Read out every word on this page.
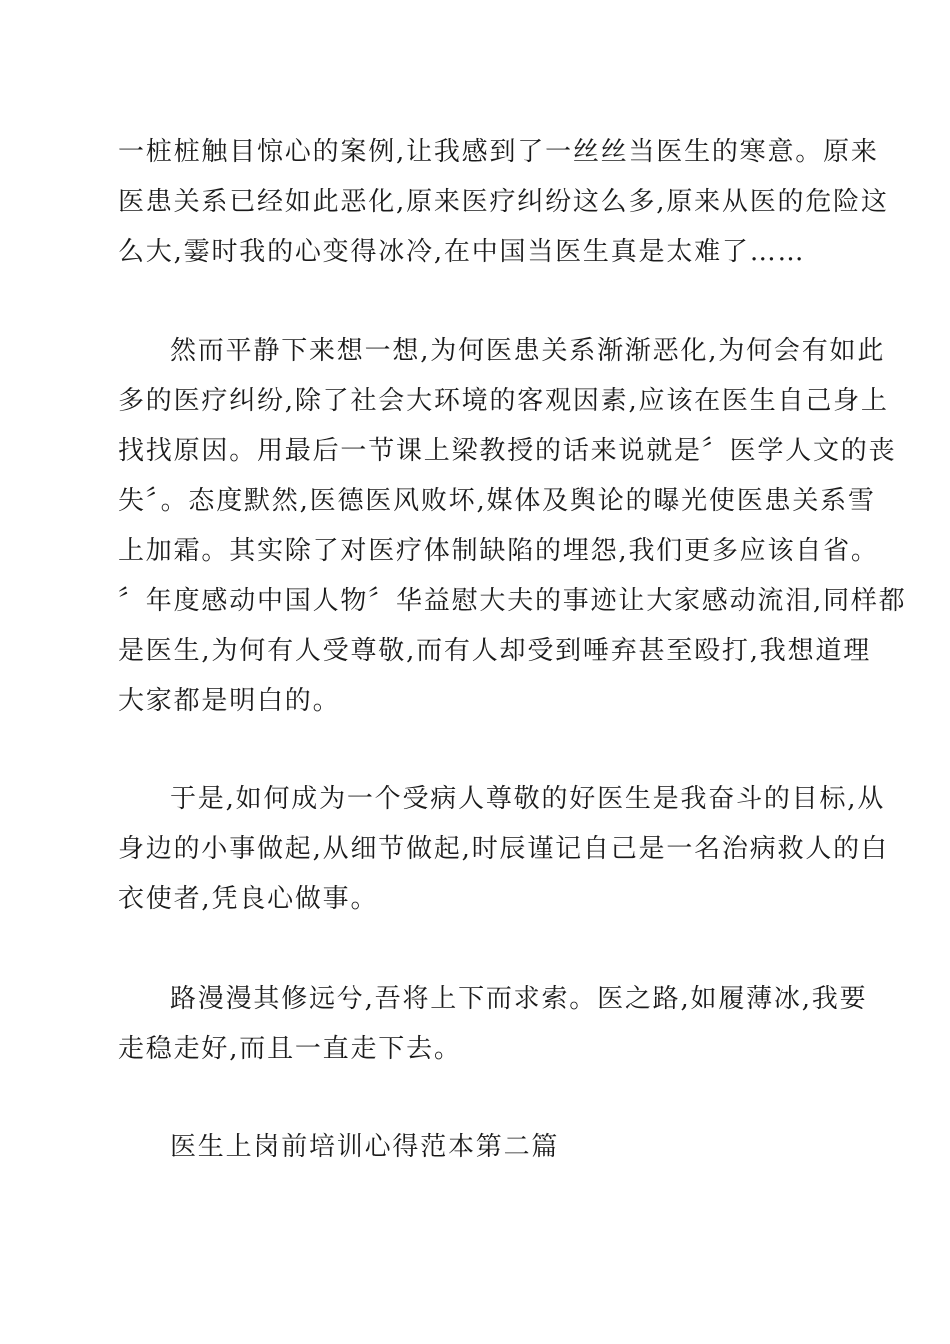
一桩桩触目惊心的案例,让我感到了一丝丝当医生的寒意。原来

医患关系已经如此恶化,原来医疗纠纷这么多,原来从医的危险这

么大,霎时我的心变得冰冷,在中国当医生真是太难了……

然而平静下来想一想,为何医患关系渐渐恶化,为何会有如此

多的医疗纠纷,除了社会大环境的客观因素,应该在医生自己身上

找找原因。用最后一节课上梁教授的话来说就是〞医学人文的丧

失〞。态度默然,医德医风败坏,媒体及舆论的曝光使医患关系雪

上加霜。其实除了对医疗体制缺陷的埋怨,我们更多应该自省。

〞年度感动中国人物〞华益慰大夫的事迹让大家感动流泪,同样都

是医生,为何有人受尊敬,而有人却受到唾弃甚至殴打,我想道理

大家都是明白的。

于是,如何成为一个受病人尊敬的好医生是我奋斗的目标,从

身边的小事做起,从细节做起,时辰谨记自己是一名治病救人的白

衣使者,凭良心做事。

路漫漫其修远兮,吾将上下而求索。医之路,如履薄冰,我要

走稳走好,而且一直走下去。

医生上岗前培训心得范本第二篇
